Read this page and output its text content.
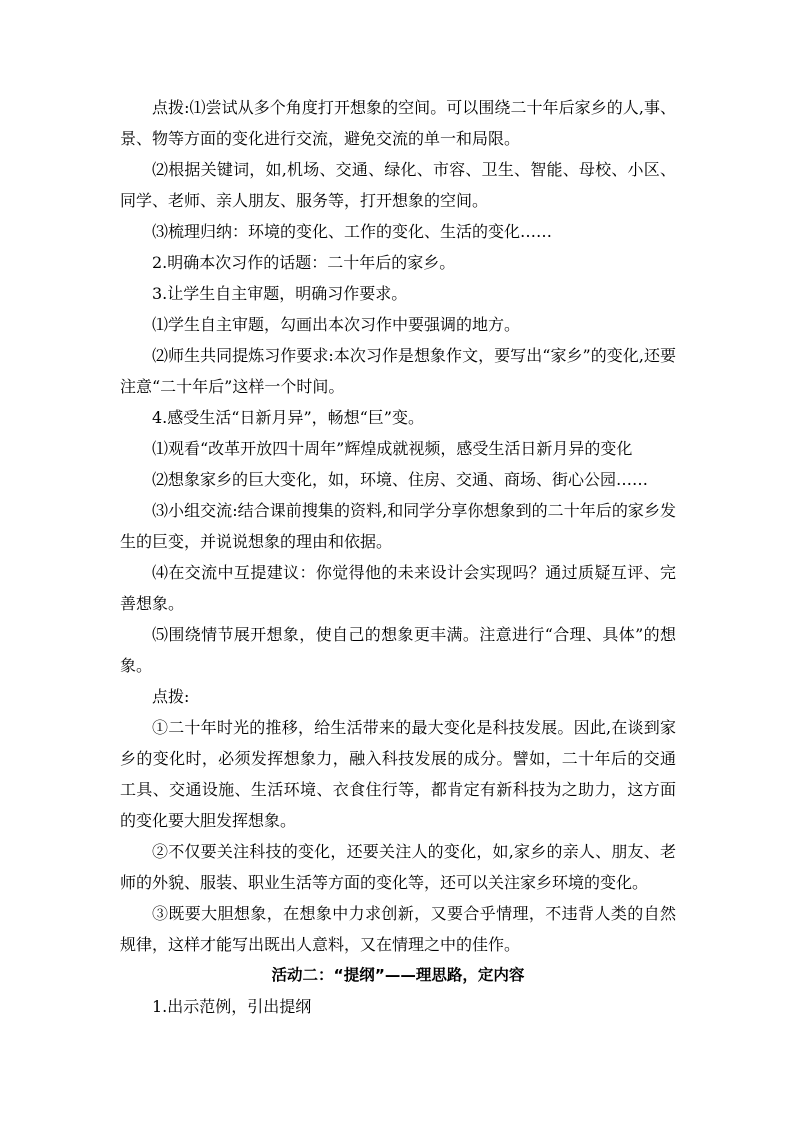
点拨:⑴尝试从多个角度打开想象的空间。可以围绕二十年后家乡的人,事、景、物等方面的变化进行交流，避免交流的单一和局限。

⑵根据关键词，如,机场、交通、绿化、市容、卫生、智能、母校、小区、同学、老师、亲人朋友、服务等，打开想象的空间。

⑶梳理归纳：环境的变化、工作的变化、生活的变化……

2.明确本次习作的话题：二十年后的家乡。

3.让学生自主审题，明确习作要求。

⑴学生自主审题，勾画出本次习作中要强调的地方。

⑵师生共同提炼习作要求:本次习作是想象作文，要写出“家乡”的变化,还要注意“二十年后”这样一个时间。

4.感受生活“日新月异”，畅想“巨”变。

⑴观看“改革开放四十周年”辉煌成就视频，感受生活日新月异的变化

⑵想象家乡的巨大变化，如，环境、住房、交通、商场、街心公园……

⑶小组交流:结合课前搜集的资料,和同学分享你想象到的二十年后的家乡发生的巨变，并说说想象的理由和依据。

⑷在交流中互提建议：你觉得他的未来设计会实现吗？通过质疑互评、完善想象。

⑸围绕情节展开想象，使自己的想象更丰满。注意进行“合理、具体”的想象。

点拨:

①二十年时光的推移，给生活带来的最大变化是科技发展。因此,在谈到家乡的变化时，必须发挥想象力，融入科技发展的成分。譬如，二十年后的交通工具、交通设施、生活环境、衣食住行等，都肯定有新科技为之助力，这方面的变化要大胆发挥想象。

②不仅要关注科技的变化，还要关注人的变化，如,家乡的亲人、朋友、老师的外貌、服装、职业生活等方面的变化等，还可以关注家乡环境的变化。

③既要大胆想象，在想象中力求创新，又要合乎情理，不违背人类的自然规律，这样才能写出既出人意料，又在情理之中的佳作。

活动二：“提纲”——理思路，定内容

1.出示范例，引出提纲
